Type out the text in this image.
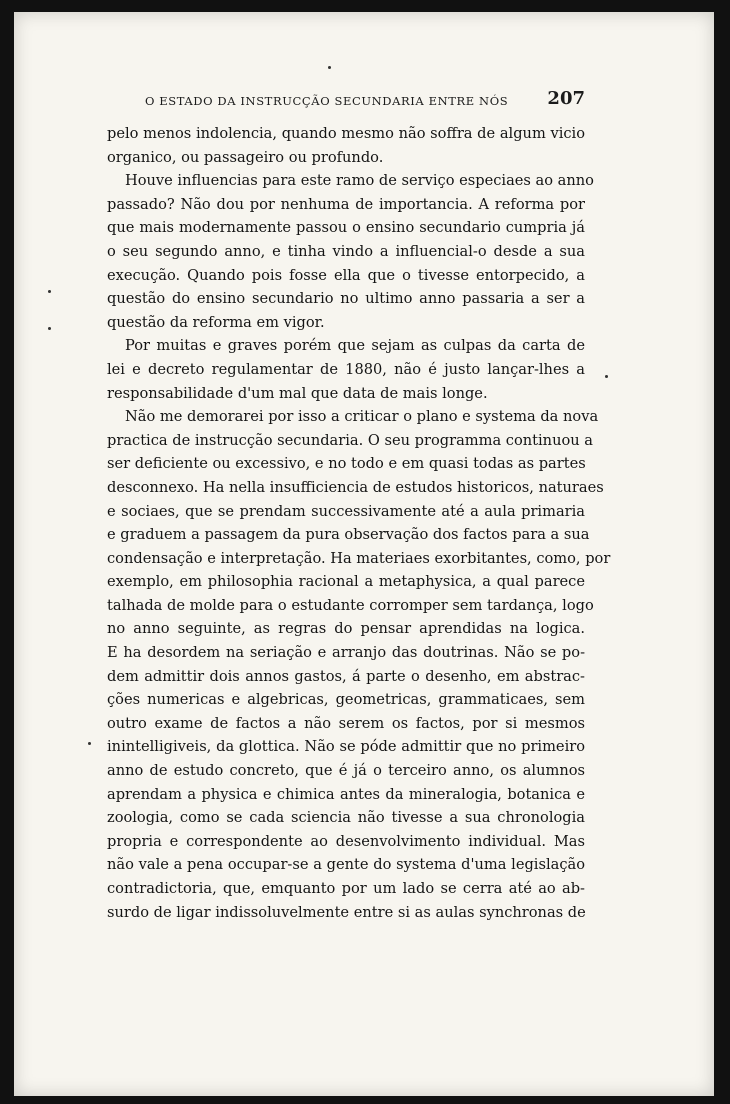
O ESTADO DA INSTRUCÇÃO SECUNDARIA ENTRE NÓS 207
pelo menos indolencia, quando mesmo não soffra de algum vicio
organico, ou passageiro ou profundo.
Houve influencias para este ramo de serviço especiaes ao anno
passado? Não dou por nenhuma de importancia. A reforma por
que mais modernamente passou o ensino secundario cumpria já
o seu segundo anno, e tinha vindo a influencial-o desde a sua
execução. Quando pois fosse ella que o tivesse entorpecido, a
questão do ensino secundario no ultimo anno passaria a ser a
questão da reforma em vigor.
Por muitas e graves porém que sejam as culpas da carta de
lei e decreto regulamentar de 1880, não é justo lançar-lhes a
responsabilidade d'um mal que data de mais longe.
Não me demorarei por isso a criticar o plano e systema da nova
practica de instrucção secundaria. O seu programma continuou a
ser deficiente ou excessivo, e no todo e em quasi todas as partes
desconnexo. Ha nella insufficiencia de estudos historicos, naturaes
e sociaes, que se prendam successivamente até a aula primaria
e graduem a passagem da pura observação dos factos para a sua
condensação e interpretação. Ha materiaes exorbitantes, como, por
exemplo, em philosophia racional a metaphysica, a qual parece
talhada de molde para o estudante corromper sem tardança, logo
no anno seguinte, as regras do pensar aprendidas na logica.
E ha desordem na seriação e arranjo das doutrinas. Não se po-
dem admittir dois annos gastos, á parte o desenho, em abstrac-
ções numericas e algebricas, geometricas, grammaticaes, sem
outro exame de factos a não serem os factos, por si mesmos
inintelligiveis, da glottica. Não se póde admittir que no primeiro
anno de estudo concreto, que é já o terceiro anno, os alumnos
aprendam a physica e chimica antes da mineralogia, botanica e
zoologia, como se cada sciencia não tivesse a sua chronologia
propria e correspondente ao desenvolvimento individual. Mas
não vale a pena occupar-se a gente do systema d'uma legislação
contradictoria, que, emquanto por um lado se cerra até ao ab-
surdo de ligar indissoluvelmente entre si as aulas synchronas de
